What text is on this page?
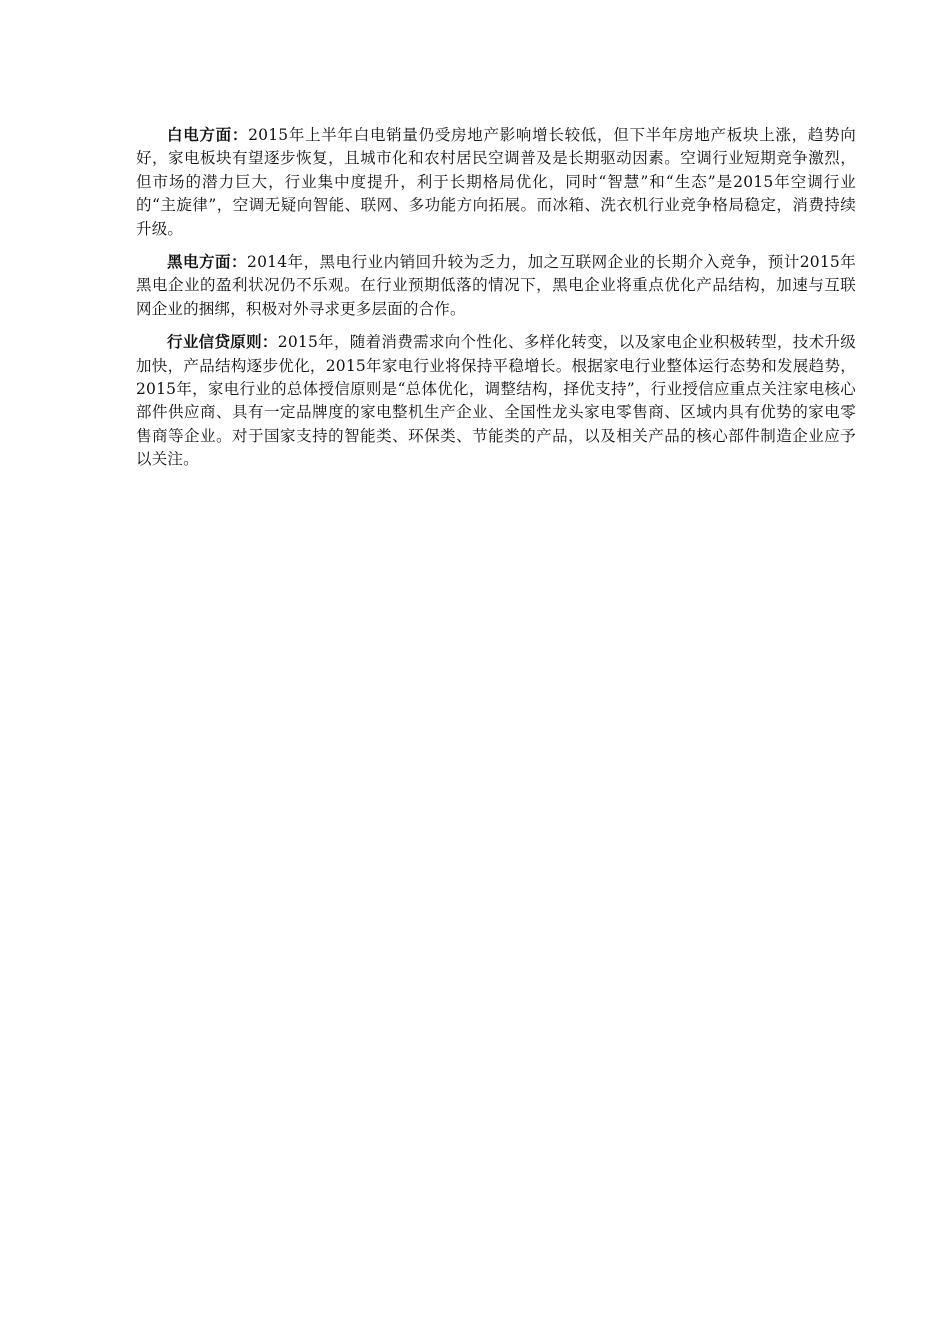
白电方面：2015年上半年白电销量仍受房地产影响增长较低，但下半年房地产板块上涨，趋势向好，家电板块有望逐步恢复，且城市化和农村居民空调普及是长期驱动因素。空调行业短期竞争激烈，但市场的潜力巨大，行业集中度提升，利于长期格局优化，同时“智慧”和“生态”是2015年空调行业的“主旋律”，空调无疑向智能、联网、多功能方向拓展。而冰箱、洗衣机行业竞争格局稳定，消费持续升级。

黑电方面：2014年，黑电行业内销回升较为乏力，加之互联网企业的长期介入竞争，预计2015年黑电企业的盈利状况仍不乐观。在行业预期低落的情况下，黑电企业将重点优化产品结构，加速与互联网企业的捆绑，积极对外寻求更多层面的合作。

行业信贷原则：2015年，随着消费需求向个性化、多样化转变，以及家电企业积极转型，技术升级加快，产品结构逐步优化，2015年家电行业将保持平稳增长。根据家电行业整体运行态势和发展趋势，2015年，家电行业的总体授信原则是“总体优化，调整结构，择优支持”，行业授信应重点关注家电核心部件供应商、具有一定品牌度的家电整机生产企业、全国性龙头家电零售商、区域内具有优势的家电零售商等企业。对于国家支持的智能类、环保类、节能类的产品，以及相关产品的核心部件制造企业应予以关注。
